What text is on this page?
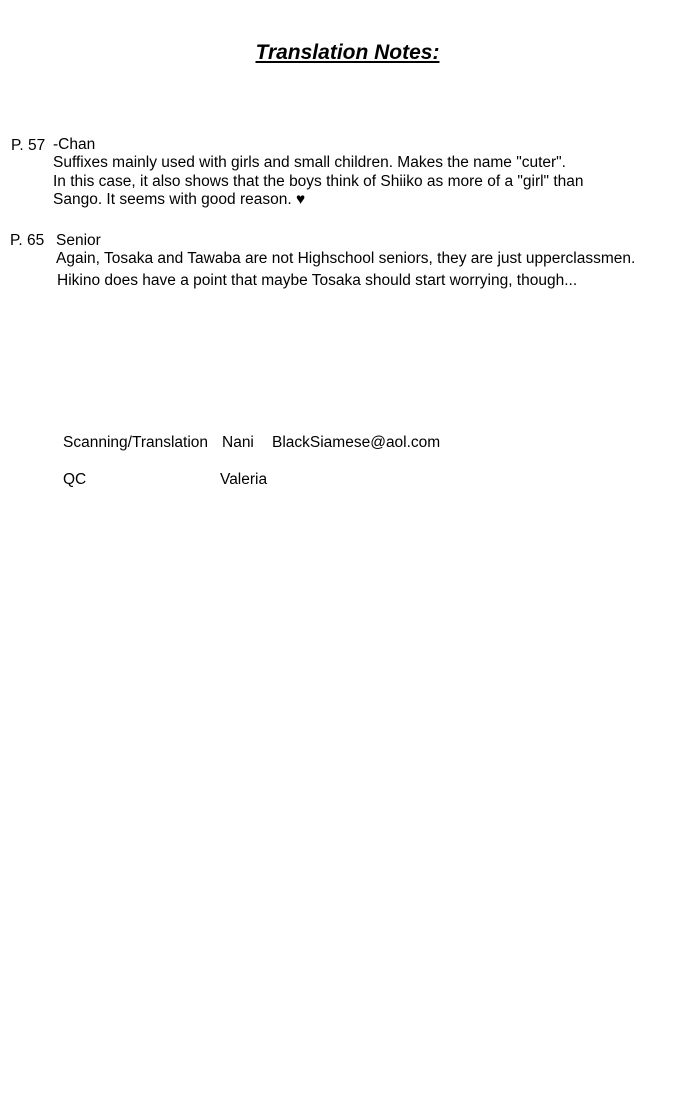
Translation Notes:
P. 57 -Chan
Suffixes mainly used with girls and small children. Makes the name "cuter".
In this case, it also shows that the boys think of Shiiko as more of a "girl" than
Sango. It seems with good reason. ♥
P. 65 Senior
Again, Tosaka and Tawaba are not Highschool seniors, they are just upperclassmen.
Hikino does have a point that maybe Tosaka should start worrying, though...
Scanning/Translation Nani BlackSiamese@aol.com
QC	Valeria
